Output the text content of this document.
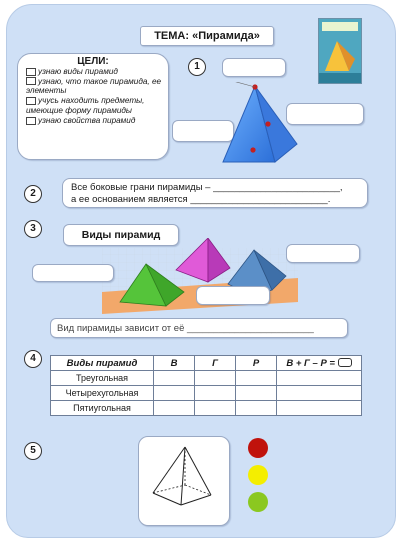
ТЕМА: «Пирамида»
ЦЕЛИ:
узнаю виды пирамид
узнаю, что такое пирамида, ее элементы
учусь находить предметы, имеющие форму пирамиды
узнаю свойства пирамид
1
2
Все боковые грани пирамиды – ________________________,
а ее основанием является __________________________.
3
Виды пирамид
Вид пирамиды зависит от её ________________________
4	Виды пирамид	В	Г	Р	В + Г – Р =
Треугольная				
Четырехугольная				
Пятиугольная				
5
